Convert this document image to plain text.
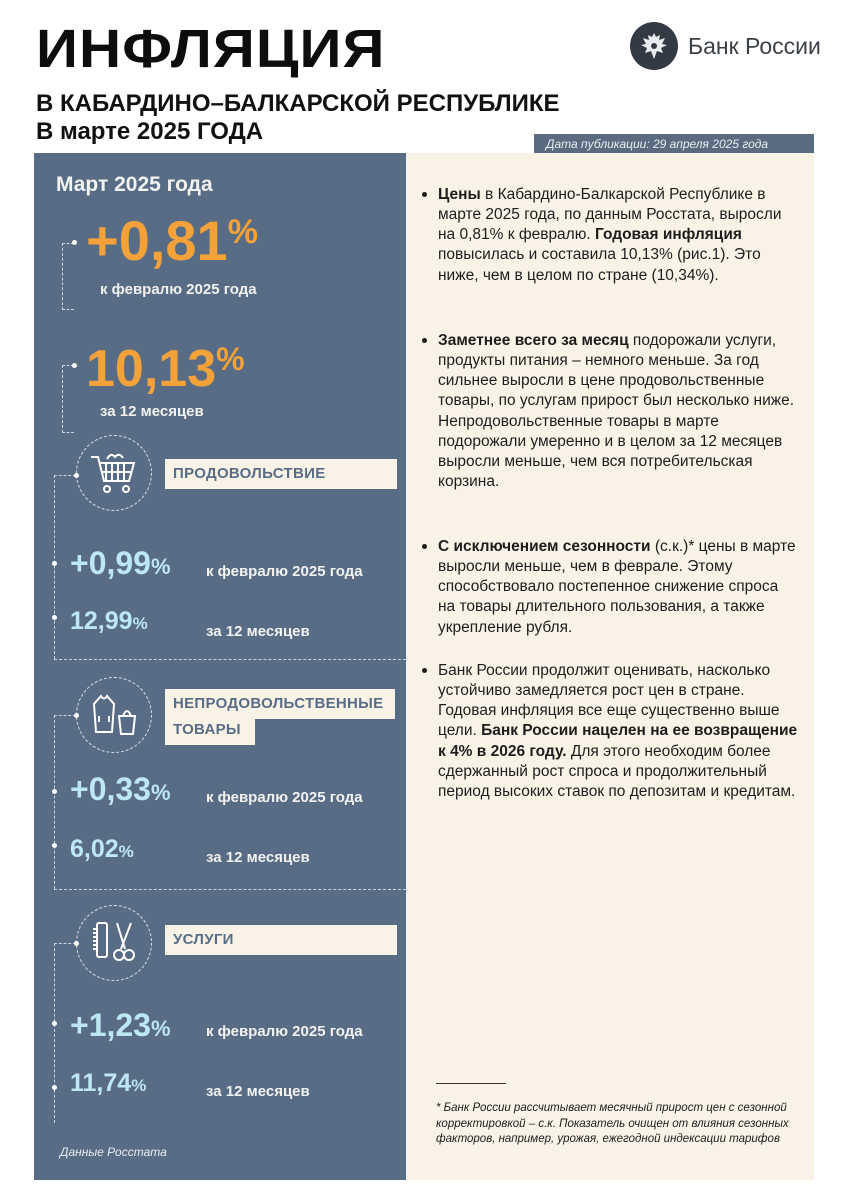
ИНФЛЯЦИЯ
В КАБАРДИНО–БАЛКАРСКОЙ РЕСПУБЛИКЕ
В марте 2025 ГОДА
Банк России
Дата публикации: 29 апреля 2025 года
Март 2025 года
+0,81%
к февралю 2025 года
10,13%
за 12 месяцев
ПРОДОВОЛЬСТВИЕ
+0,99% к февралю 2025 года
12,99%	за 12 месяцев
НЕПРОДОВОЛЬСТВЕННЫЕ
ТОВАРЫ
+0,33% к февралю 2025 года
6,02%	за 12 месяцев
УСЛУГИ
+1,23% к февралю 2025 года
11,74%	за 12 месяцев
Данные Росстата
Цены в Кабардино-Балкарской Республике в марте 2025 года, по данным Росстата, выросли на 0,81% к февралю. Годовая инфляция повысилась и составила 10,13% (рис.1). Это ниже, чем в целом по стране (10,34%).
Заметнее всего за месяц подорожали услуги, продукты питания – немного меньше. За год сильнее выросли в цене продовольственные товары, по услугам прирост был несколько ниже. Непродовольственные товары в марте подорожали умеренно и в целом за 12 месяцев выросли меньше, чем вся потребительская корзина.
С исключением сезонности (с.к.)* цены в марте выросли меньше, чем в феврале. Этому способствовало постепенное снижение спроса на товары длительного пользования, а также укрепление рубля.
Банк России продолжит оценивать, насколько устойчиво замедляется рост цен в стране. Годовая инфляция все еще существенно выше цели. Банк России нацелен на ее возвращение к 4% в 2026 году. Для этого необходим более сдержанный рост спроса и продолжительный период высоких ставок по депозитам и кредитам.
* Банк России рассчитывает месячный прирост цен с сезонной корректировкой – с.к. Показатель очищен от влияния сезонных факторов, например, урожая, ежегодной индексации тарифов
